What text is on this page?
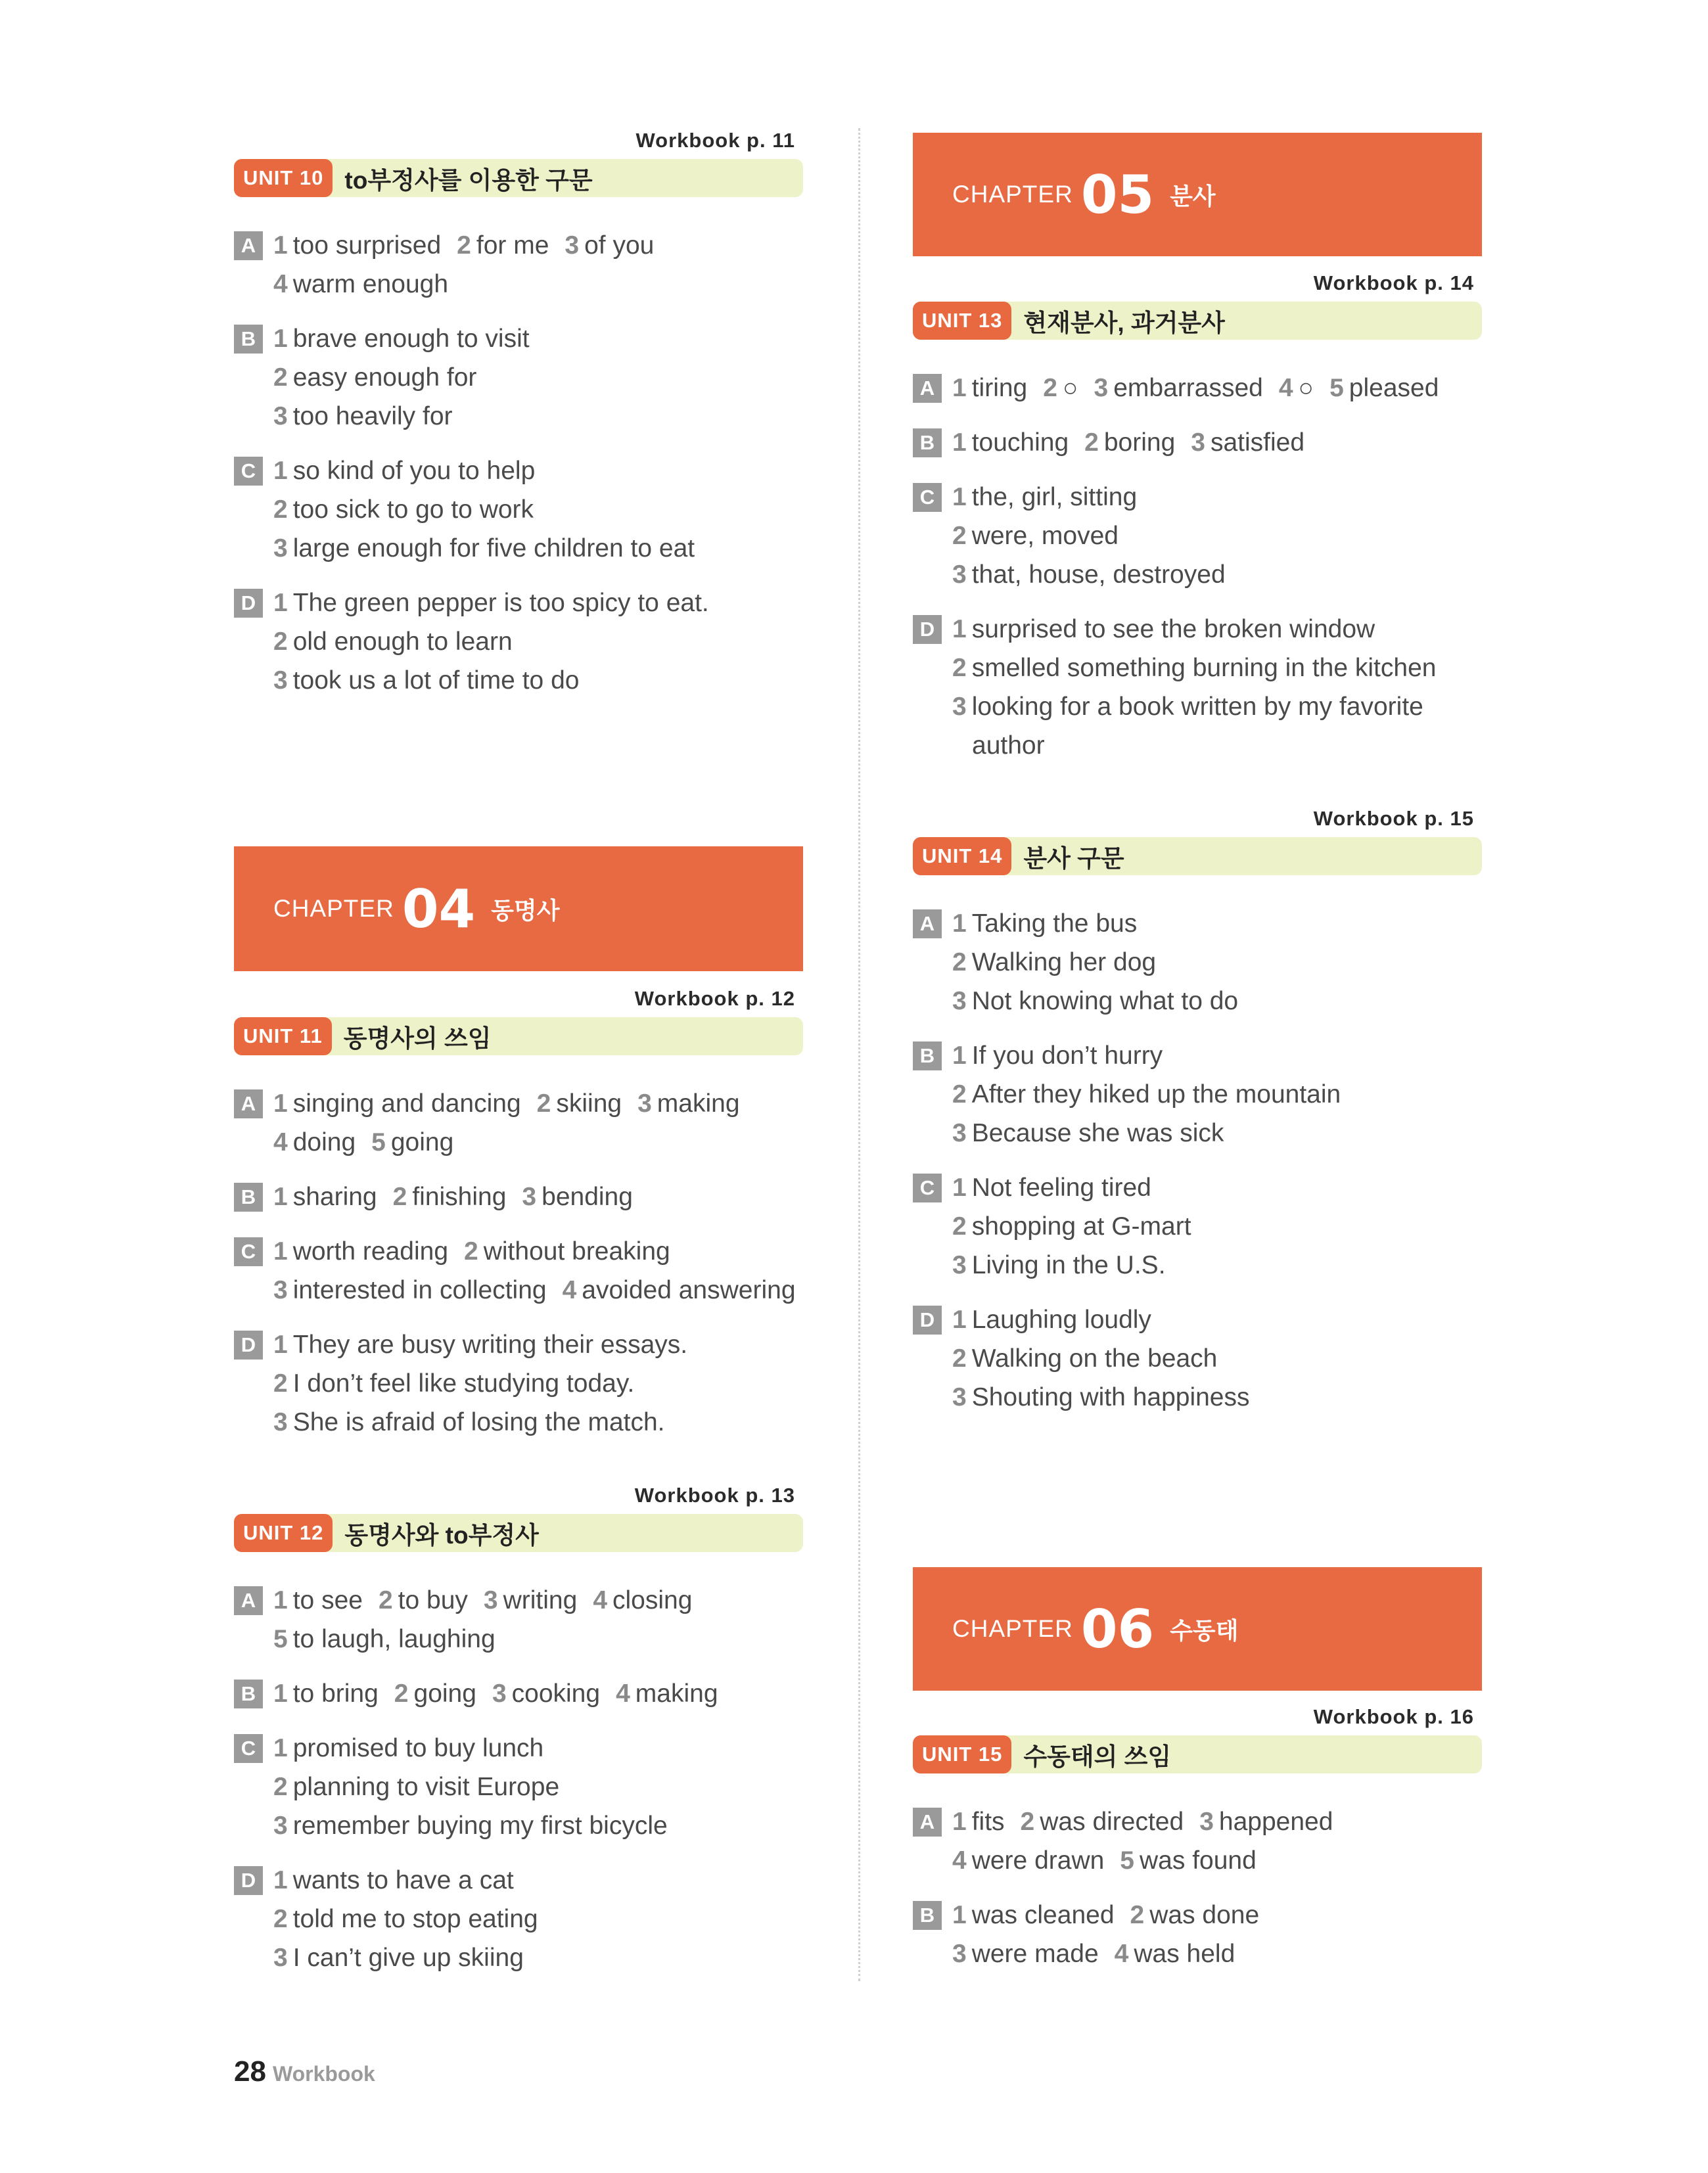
Workbook p. 11
UNIT 10 to부정사를 이용한 구문
A 1 too surprised 2 for me 3 of you
4 warm enough
B 1 brave enough to visit
2 easy enough for
3 too heavily for
C 1 so kind of you to help
2 too sick to go to work
3 large enough for five children to eat
D 1 The green pepper is too spicy to eat.
2 old enough to learn
3 took us a lot of time to do
CHAPTER 04 동명사
Workbook p. 12
UNIT 11 동명사의 쓰임
A 1 singing and dancing 2 skiing 3 making
4 doing 5 going
B 1 sharing 2 finishing 3 bending
C 1 worth reading 2 without breaking
3 interested in collecting 4 avoided answering
D 1 They are busy writing their essays.
2 I don’t feel like studying today.
3 She is afraid of losing the match.
Workbook p. 13
UNIT 12 동명사와 to부정사
A 1 to see 2 to buy 3 writing 4 closing
5 to laugh, laughing
B 1 to bring 2 going 3 cooking 4 making
C 1 promised to buy lunch
2 planning to visit Europe
3 remember buying my first bicycle
D 1 wants to have a cat
2 told me to stop eating
3 I can’t give up skiing
CHAPTER 05 분사
Workbook p. 14
UNIT 13 현재분사, 과거분사
A 1 tiring 2 ○ 3 embarrassed 4 ○ 5 pleased
B 1 touching 2 boring 3 satisfied
C 1 the, girl, sitting
2 were, moved
3 that, house, destroyed
D 1 surprised to see the broken window
2 smelled something burning in the kitchen
3 looking for a book written by my favorite
author
Workbook p. 15
UNIT 14 분사 구문
A 1 Taking the bus
2 Walking her dog
3 Not knowing what to do
B 1 If you don’t hurry
2 After they hiked up the mountain
3 Because she was sick
C 1 Not feeling tired
2 shopping at G-mart
3 Living in the U.S.
D 1 Laughing loudly
2 Walking on the beach
3 Shouting with happiness
CHAPTER 06 수동태
Workbook p. 16
UNIT 15 수동태의 쓰임
A 1 fits 2 was directed 3 happened
4 were drawn 5 was found
B 1 was cleaned 2 was done
3 were made 4 was held
28 Workbook
